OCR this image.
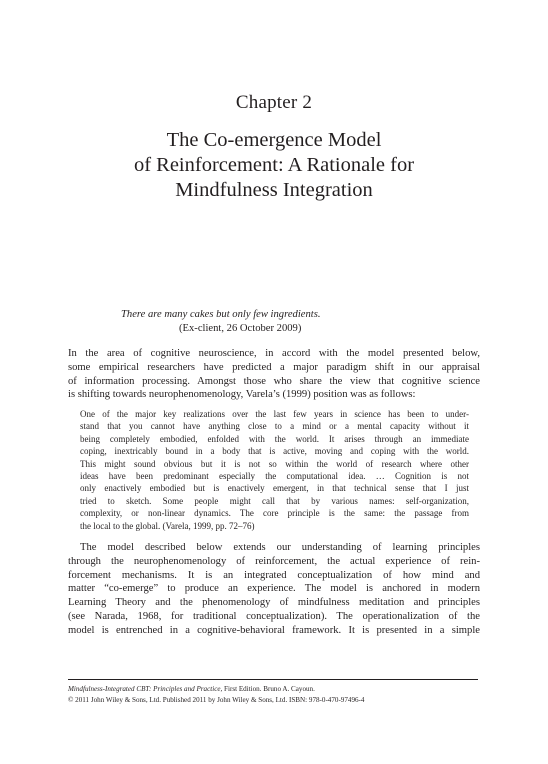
Chapter 2
The Co-emergence Model
of Reinforcement: A Rationale for
Mindfulness Integration
There are many cakes but only few ingredients.
(Ex-client, 26 October 2009)
In the area of cognitive neuroscience, in accord with the model presented below,
some empirical researchers have predicted a major paradigm shift in our appraisal
of information processing. Amongst those who share the view that cognitive science
is shifting towards neurophenomenology, Varela’s (1999) position was as follows:
One of the major key realizations over the last few years in science has been to under-
stand that you cannot have anything close to a mind or a mental capacity without it
being completely embodied, enfolded with the world. It arises through an immediate
coping, inextricably bound in a body that is active, moving and coping with the world.
This might sound obvious but it is not so within the world of research where other
ideas have been predominant especially the computational idea. … Cognition is not
only enactively embodied but is enactively emergent, in that technical sense that I just
tried to sketch. Some people might call that by various names: self-organization,
complexity, or non-linear dynamics. The core principle is the same: the passage from
the local to the global. (Varela, 1999, pp. 72–76)
The model described below extends our understanding of learning principles
through the neurophenomenology of reinforcement, the actual experience of rein-
forcement mechanisms. It is an integrated conceptualization of how mind and
matter “co-emerge” to produce an experience. The model is anchored in modern
Learning Theory and the phenomenology of mindfulness meditation and principles
(see Narada, 1968, for traditional conceptualization). The operationalization of the
model is entrenched in a cognitive-behavioral framework. It is presented in a simple
Mindfulness-Integrated CBT: Principles and Practice, First Edition. Bruno A. Cayoun.
© 2011 John Wiley & Sons, Ltd. Published 2011 by John Wiley & Sons, Ltd. ISBN: 978-0-470-97496-4
